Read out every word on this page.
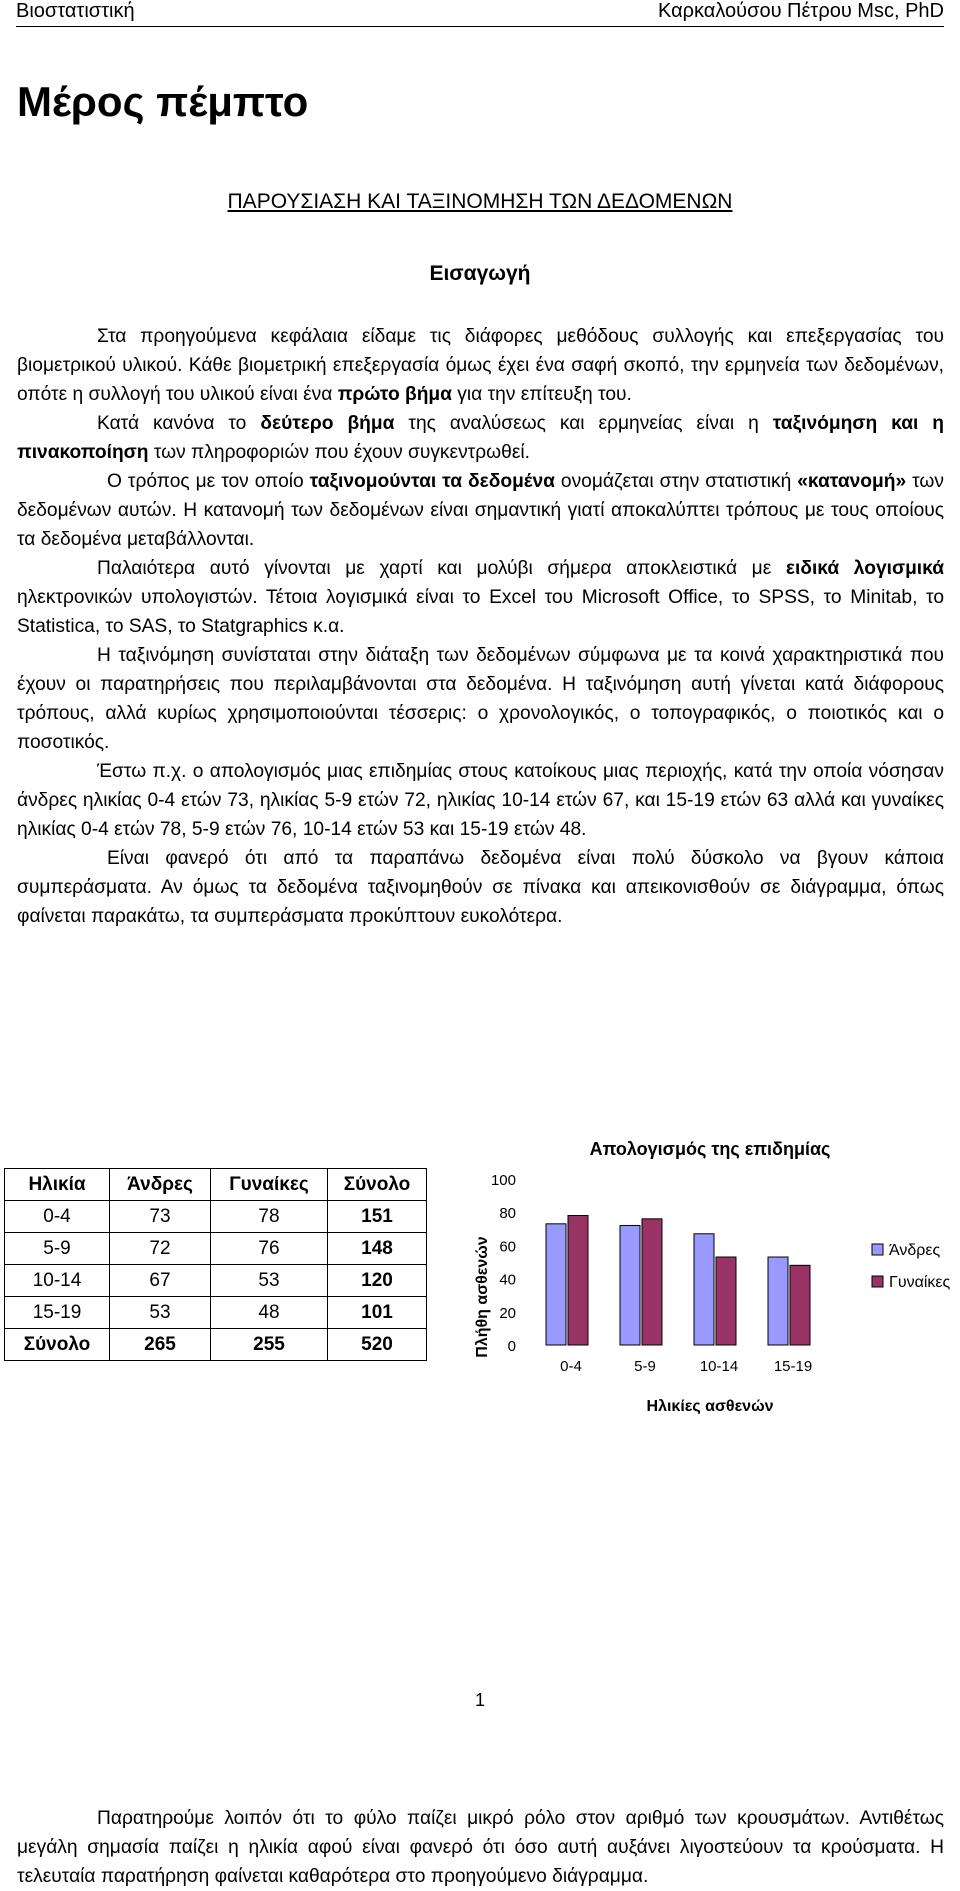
Βιοστατιστική	Καρκαλούσου Πέτρου Msc, PhD
Μέρος πέμπτο
ΠΑΡΟΥΣΙΑΣΗ ΚΑΙ ΤΑΞΙΝΟΜΗΣΗ ΤΩΝ ΔΕΔΟΜΕΝΩΝ
Εισαγωγή

Στα προηγούμενα κεφάλαια είδαμε τις διάφορες μεθόδους συλλογής και επεξεργασίας του βιομετρικού υλικού. Κάθε βιομετρική επεξεργασία όμως έχει ένα σαφή σκοπό, την ερμηνεία των δεδομένων, οπότε η συλλογή του υλικού είναι ένα πρώτο βήμα για την επίτευξη του.

Κατά κανόνα το δεύτερο βήμα της αναλύσεως και ερμηνείας είναι η ταξινόμηση και η πινακοποίηση των πληροφοριών που έχουν συγκεντρωθεί.

Ο τρόπος με τον οποίο ταξινομούνται τα δεδομένα ονομάζεται στην στατιστική «κατανομή» των δεδομένων αυτών. Η κατανομή των δεδομένων είναι σημαντική γιατί αποκαλύπτει τρόπους με τους οποίους τα δεδομένα μεταβάλλονται.

Παλαιότερα αυτό γίνονται με χαρτί και μολύβι σήμερα αποκλειστικά με ειδικά λογισμικά ηλεκτρονικών υπολογιστών. Τέτοια λογισμικά είναι το Excel του Microsoft Office, το SPSS, το Minitab, το Statistica, το SAS, το Statgraphics κ.α.

Η ταξινόμηση συνίσταται στην διάταξη των δεδομένων σύμφωνα με τα κοινά χαρακτηριστικά που έχουν οι παρατηρήσεις που περιλαμβάνονται στα δεδομένα. Η ταξινόμηση αυτή γίνεται κατά διάφορους τρόπους, αλλά κυρίως χρησιμοποιούνται τέσσερις: ο χρονολογικός, ο τοπογραφικός, ο ποιοτικός και ο ποσοτικός.

Έστω π.χ. ο απολογισμός μιας επιδημίας στους κατοίκους μιας περιοχής, κατά την οποία νόσησαν άνδρες ηλικίας 0-4 ετών 73, ηλικίας 5-9 ετών 72, ηλικίας 10-14 ετών 67, και 15-19 ετών 63 αλλά και γυναίκες ηλικίας 0-4 ετών 78, 5-9 ετών 76, 10-14 ετών 53 και 15-19 ετών 48.

Είναι φανερό ότι από τα παραπάνω δεδομένα είναι πολύ δύσκολο να βγουν κάποια συμπεράσματα. Αν όμως τα δεδομένα ταξινομηθούν σε πίνακα και απεικονισθούν σε διάγραμμα, όπως φαίνεται παρακάτω, τα συμπεράσματα προκύπτουν ευκολότερα.

Ηλικία	Άνδρες	Γυναίκες	Σύνολο
0-4	73	78	151
5-9	72	76	148
10-14	67	53	120
15-19	53	48	101
Σύνολο	265	255	520
Απολογισμός της επιδημίας
Πλήθη ασθενών
Ηλικίες ασθενών
0
20
40
60
80
100
0-4	5-9	10-14 15-19
Άνδρες
Γυναίκες

Παρατηρούμε λοιπόν ότι το φύλο παίζει μικρό ρόλο στον αριθμό των κρουσμάτων. Αντιθέτως μεγάλη σημασία παίζει η ηλικία αφού είναι φανερό ότι όσο αυτή αυξάνει λιγοστεύουν τα κρούσματα. Η τελευταία παρατήρηση φαίνεται καθαρότερα στο προηγούμενο διάγραμμα.

1
